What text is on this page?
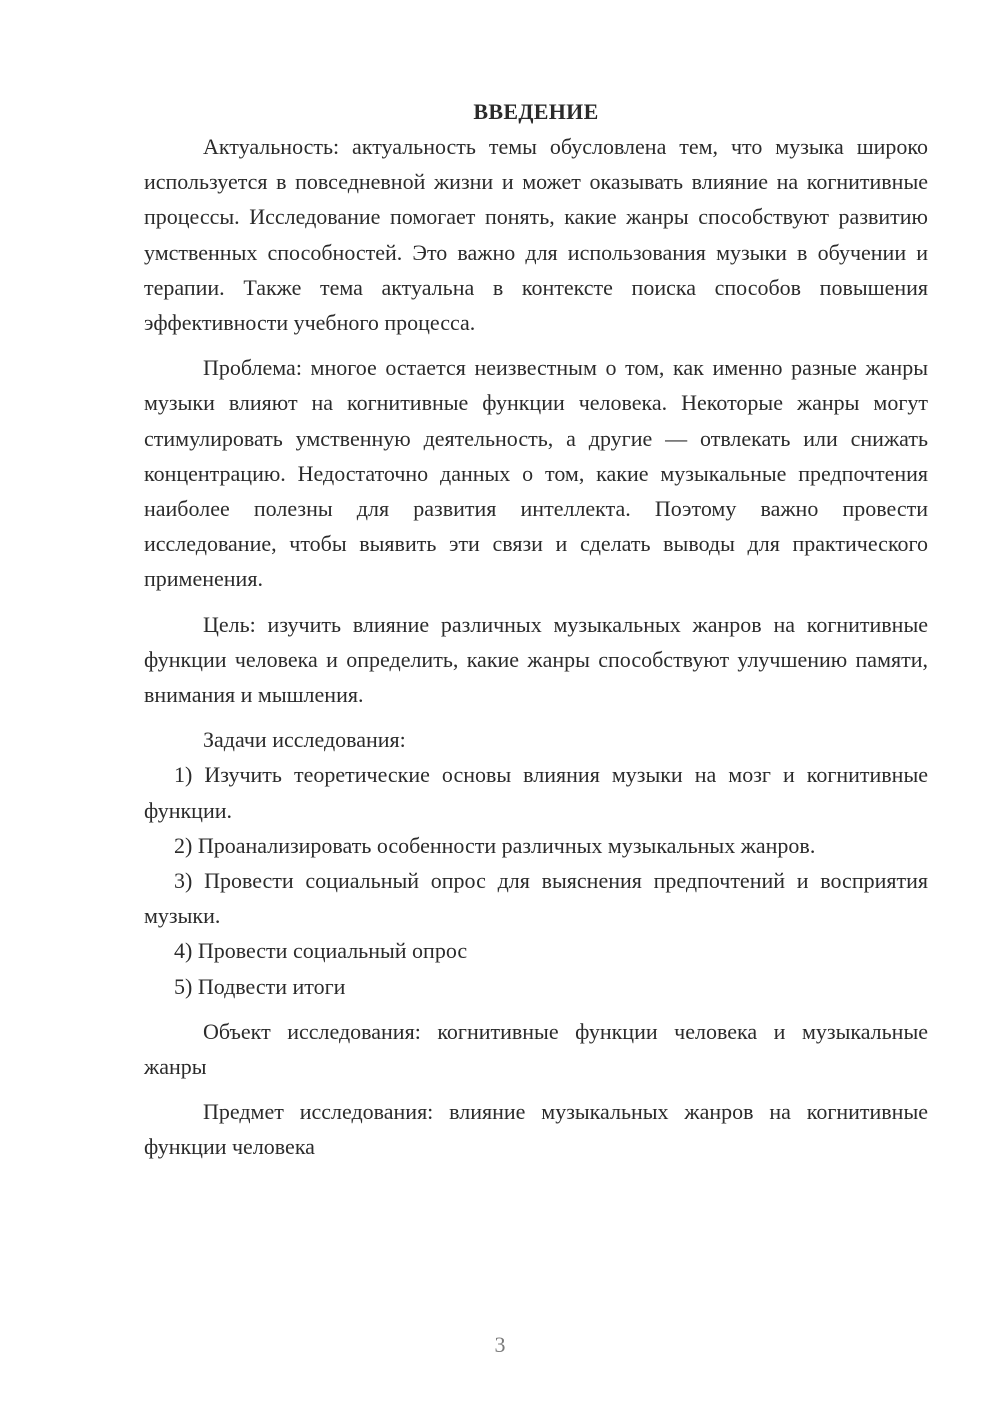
ВВЕДЕНИЕ

Актуальность: актуальность темы обусловлена тем, что музыка широко используется в повседневной жизни и может оказывать влияние на когнитивные процессы. Исследование помогает понять, какие жанры способствуют развитию умственных способностей. Это важно для использования музыки в обучении и терапии. Также тема актуальна в контексте поиска способов повышения эффективности учебного процесса.

Проблема: многое остается неизвестным о том, как именно разные жанры музыки влияют на когнитивные функции человека. Некоторые жанры могут стимулировать умственную деятельность, а другие — отвлекать или снижать концентрацию. Недостаточно данных о том, какие музыкальные предпочтения наиболее полезны для развития интеллекта. Поэтому важно провести исследование, чтобы выявить эти связи и сделать выводы для практического применения.

Цель: изучить влияние различных музыкальных жанров на когнитивные функции человека и определить, какие жанры способствуют улучшению памяти, внимания и мышления.

Задачи исследования:

1) Изучить теоретические основы влияния музыки на мозг и когнитивные функции.

2) Проанализировать особенности различных музыкальных жанров.

3) Провести социальный опрос для выяснения предпочтений и восприятия музыки.

4) Провести социальный опрос

5) Подвести итоги

Объект исследования: когнитивные функции человека и музыкальные жанры

Предмет исследования: влияние музыкальных жанров на когнитивные функции человека

3
